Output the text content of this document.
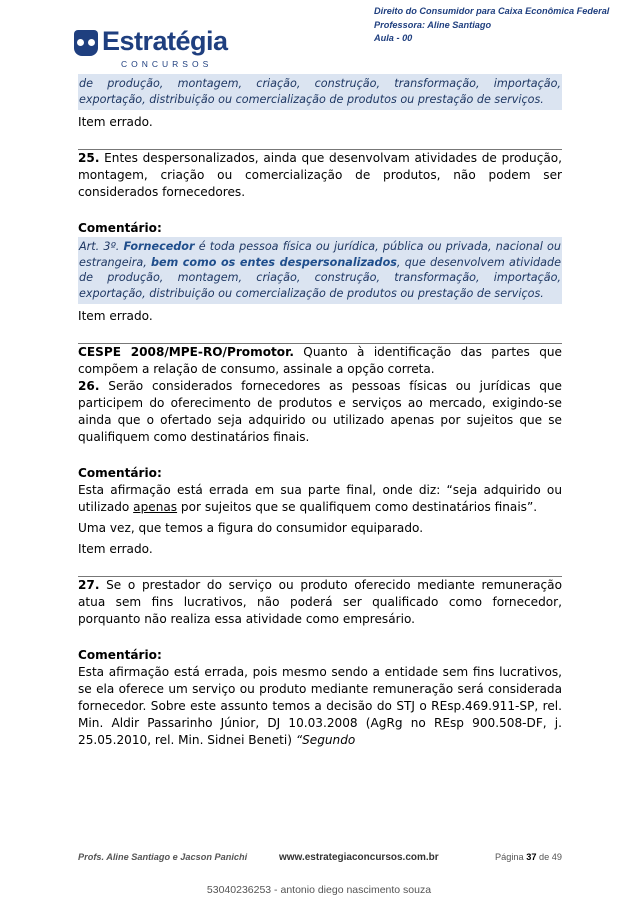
Estratégia
CONCURSOS
Direito do Consumidor para Caixa Econômica Federal
Professora: Aline Santiago
Aula - 00
de produção, montagem, criação, construção, transformação, importação, exportação, distribuição ou comercialização de produtos ou prestação de serviços.

Item errado.

25. Entes despersonalizados, ainda que desenvolvam atividades de produção, montagem, criação ou comercialização de produtos, não podem ser considerados fornecedores.

Comentário:

Art. 3º. Fornecedor é toda pessoa física ou jurídica, pública ou privada, nacional ou estrangeira, bem como os entes despersonalizados, que desenvolvem atividade de produção, montagem, criação, construção, transformação, importação, exportação, distribuição ou comercialização de produtos ou prestação de serviços.

Item errado.

CESPE 2008/MPE-RO/Promotor. Quanto à identificação das partes que compõem a relação de consumo, assinale a opção correta.

26. Serão considerados fornecedores as pessoas físicas ou jurídicas que participem do oferecimento de produtos e serviços ao mercado, exigindo-se ainda que o ofertado seja adquirido ou utilizado apenas por sujeitos que se qualifiquem como destinatários finais.

Comentário:

Esta afirmação está errada em sua parte final, onde diz: “seja adquirido ou utilizado apenas por sujeitos que se qualifiquem como destinatários finais”.

Uma vez, que temos a figura do consumidor equiparado.

Item errado.

27. Se o prestador do serviço ou produto oferecido mediante remuneração atua sem fins lucrativos, não poderá ser qualificado como fornecedor, porquanto não realiza essa atividade como empresário.

Comentário:

Esta afirmação está errada, pois mesmo sendo a entidade sem fins lucrativos, se ela oferece um serviço ou produto mediante remuneração será considerada fornecedor. Sobre este assunto temos a decisão do STJ o REsp.469.911-SP, rel. Min. Aldir Passarinho Júnior, DJ 10.03.2008 (AgRg no REsp 900.508-DF, j. 25.05.2010, rel. Min. Sidnei Beneti) “Segundo

Profs. Aline Santiago e Jacson Panichi	www.estrategiaconcursos.com.br	Página 37 de 49
53040236253 - antonio diego nascimento souza
